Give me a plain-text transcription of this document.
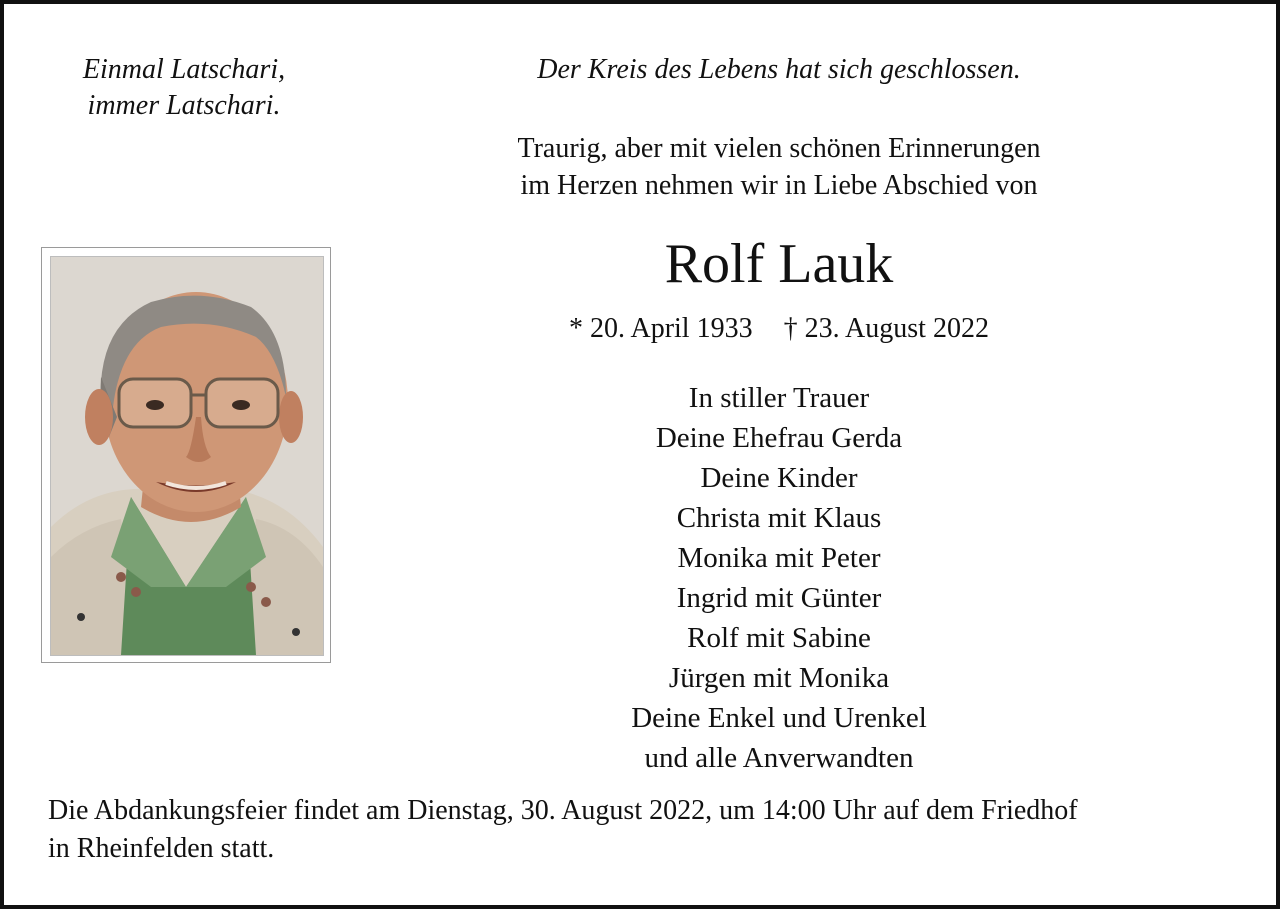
Einmal Latschari,
immer Latschari.
Der Kreis des Lebens hat sich geschlossen.
Traurig, aber mit vielen schönen Erinnerungen
im Herzen nehmen wir in Liebe Abschied von
Rolf Lauk
* 20. April 1933 † 23. August 2022
In stiller Trauer
Deine Ehefrau Gerda
Deine Kinder
Christa mit Klaus
Monika mit Peter
Ingrid mit Günter
Rolf mit Sabine
Jürgen mit Monika
Deine Enkel und Urenkel
und alle Anverwandten
Die Abdankungsfeier findet am Dienstag, 30. August 2022, um 14:00 Uhr auf dem Friedhof
in Rheinfelden statt.
